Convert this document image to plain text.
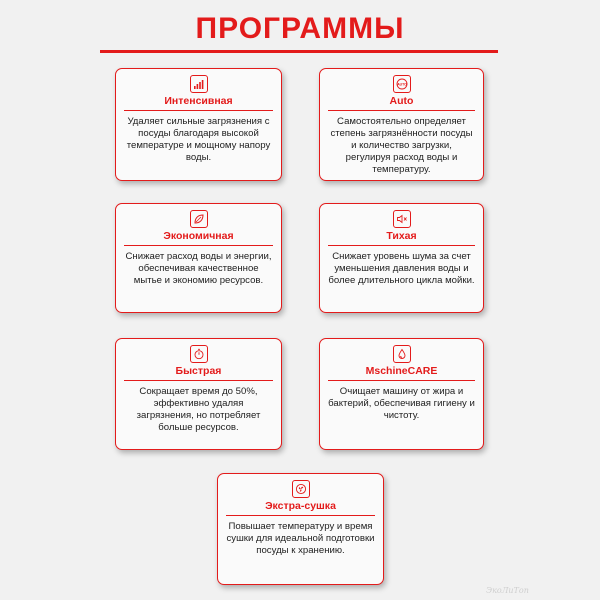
ПРОГРАММЫ
Интенсивная
Удаляет сильные загрязнения с посуды благодаря высокой температуре и мощному напору воды.
AUTO
Auto
Самостоятельно определяет степень загрязнённости посуды и количество загрузки, регулируя расход воды и температуру.
Экономичная
Снижает расход воды и энергии, обеспечивая качественное мытье и экономию ресурсов.
Тихая
Снижает уровень шума за счет уменьшения давления воды и более длительного цикла мойки.
Быстрая
Сокращает время до 50%, эффективно удаляя загрязнения, но потребляет больше ресурсов.
MschineCARE
Очищает машину от жира и бактерий, обеспечивая гигиену и чистоту.
Экстра-сушка
Повышает температуру и время сушки для идеальной подготовки посуды к хранению.
ЭкоЛиТоп
